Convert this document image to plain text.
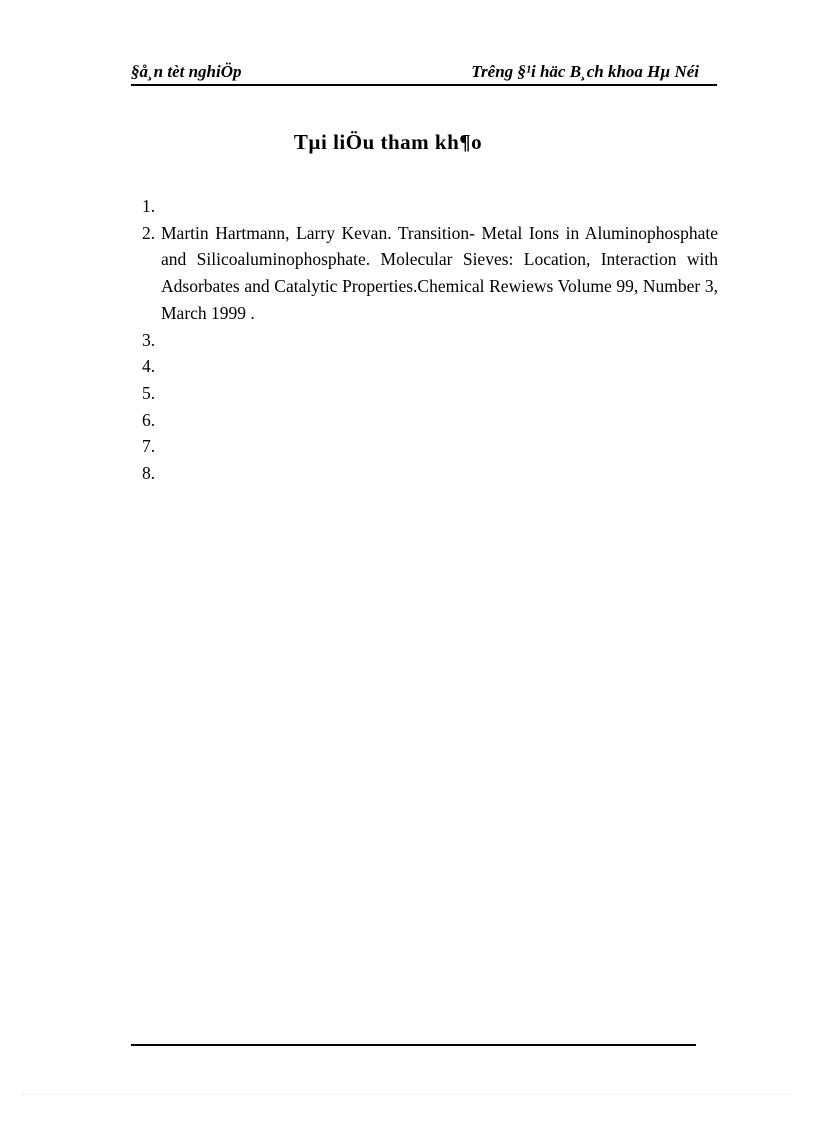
§å¸n tèt nghiÖp	Trêng §¹i häc B¸ch khoa Hµ Néi
Tµi liÖu tham kh¶o
1.
2. Martin Hartmann, Larry Kevan. Transition- Metal Ions in Aluminophosphate and Silicoaluminophosphate. Molecular Sieves: Location, Interaction with Adsorbates and Catalytic Properties.Chemical Rewiews Volume 99, Number 3, March 1999 .
3.
4.
5.
6.
7.
8.
